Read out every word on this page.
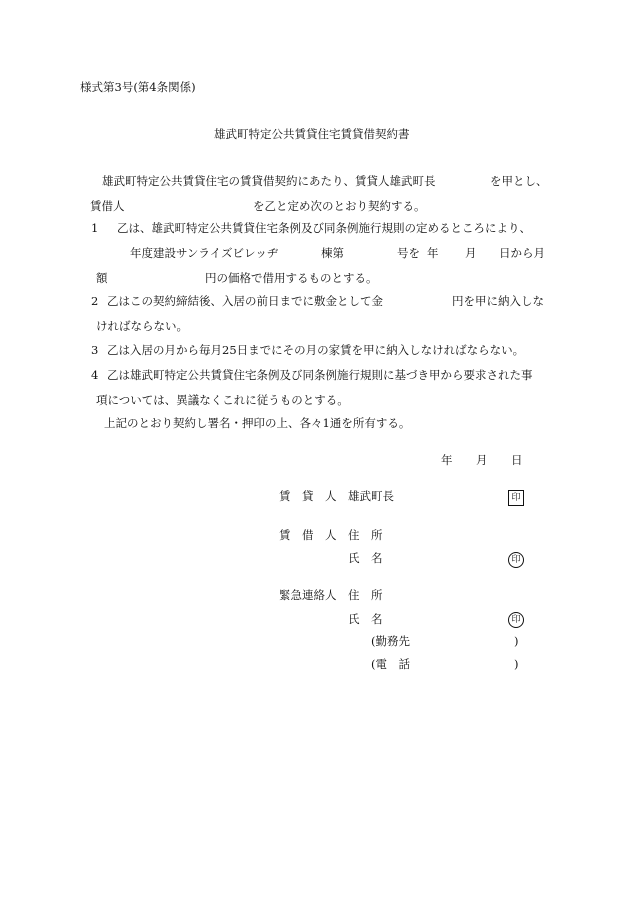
様式第3号(第4条関係)
雄武町特定公共賃貸住宅賃貸借契約書
雄武町特定公共賃貸住宅の賃貸借契約にあたり、賃貸人雄武町長	を甲とし、
賃借人	を乙と定め次のとおり契約する。
1 乙は、雄武町特定公共賃貸住宅条例及び同条例施行規則の定めるところにより、
年度建設サンライズビレッヂ	棟第	号を 年 月 日から月
額	円の価格で借用するものとする。
2 乙はこの契約締結後、入居の前日までに敷金として金	円を甲に納入しな
ければならない。
3 乙は入居の月から毎月25日までにその月の家賃を甲に納入しなければならない。
4 乙は雄武町特定公共賃貸住宅条例及び同条例施行規則に基づき甲から要求された事
項については、異議なくこれに従うものとする。
上記のとおり契約し署名・押印の上、各々1通を所有する。
年 月 日
賃　貸　人 雄武町長	印
賃　借　人 住　所
氏　名	印
緊急連絡人 住　所
氏　名	印
(勤務先	)
(電　話	)
